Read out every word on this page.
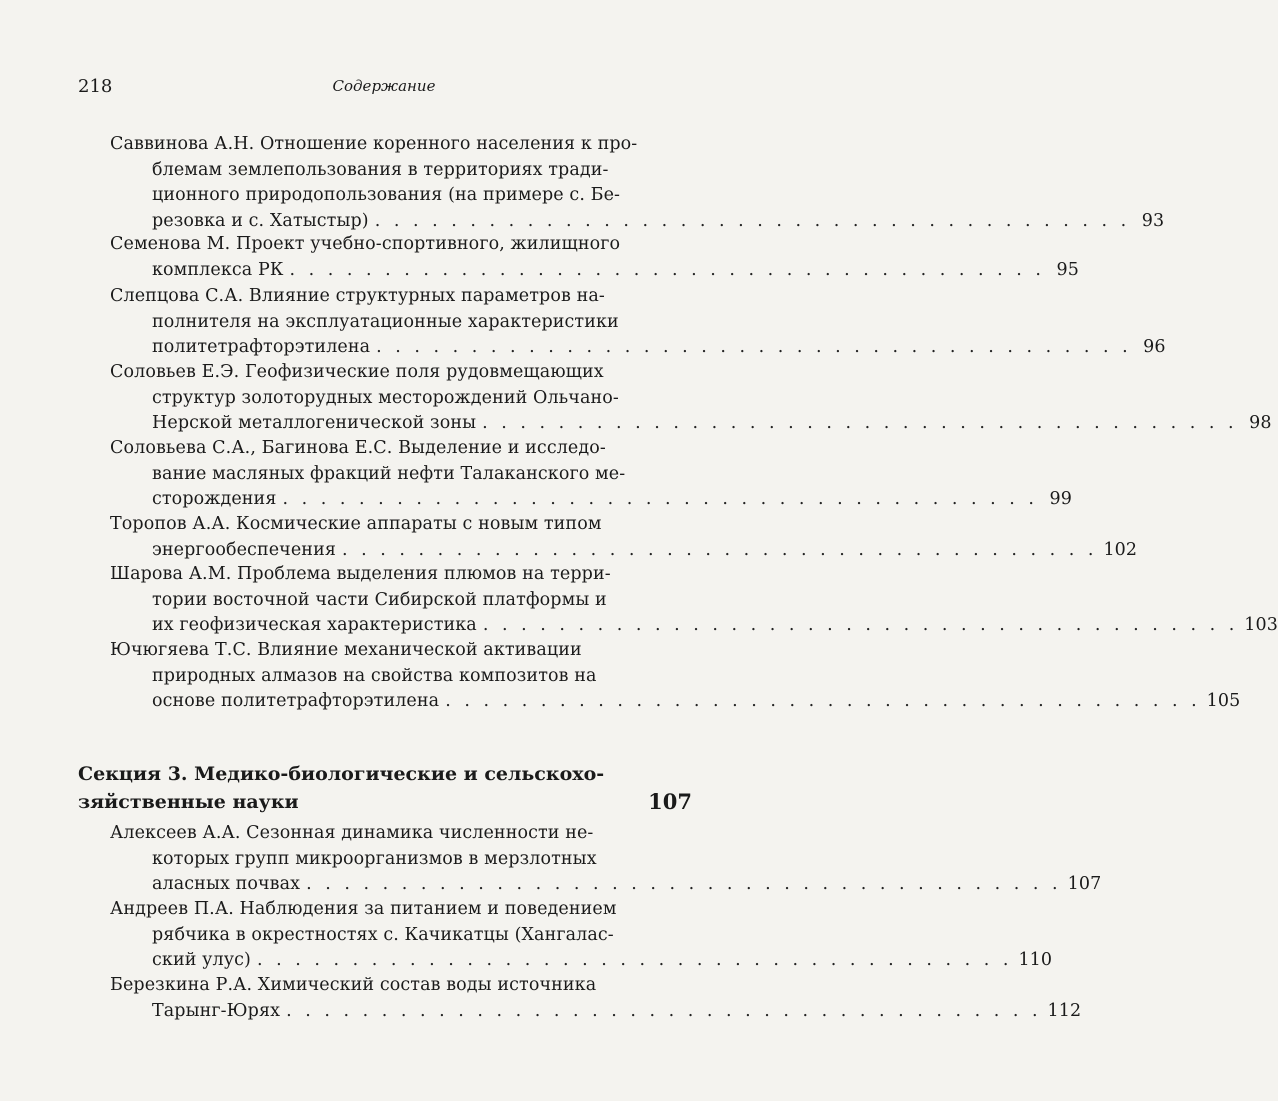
218	Содержание
Саввинова А.Н. Отношение коренного населения к про-
блемам землепользования в территориях тради-
ционного природопользования (на примере с. Бе-
резовка и с. Хатыстыр) . . . . . . . . . . . . . . . . . . . . . . . . . . . . . . . . . . . . . . . . 93
Семенова М. Проект учебно-спортивного, жилищного
комплекса РК . . . . . . . . . . . . . . . . . . . . . . . . . . . . . . . . . . . . . . . . 95
Слепцова С.А. Влияние структурных параметров на-
полнителя на эксплуатационные характеристики
политетрафторэтилена . . . . . . . . . . . . . . . . . . . . . . . . . . . . . . . . . . . . . . . . 96
Соловьев Е.Э. Геофизические поля рудовмещающих
структур золоторудных месторождений Ольчано-
Нерской металлогенической зоны . . . . . . . . . . . . . . . . . . . . . . . . . . . . . . . . . . . . . . . . 98
Соловьева С.А., Багинова Е.С. Выделение и исследо-
вание масляных фракций нефти Талаканского ме-
сторождения . . . . . . . . . . . . . . . . . . . . . . . . . . . . . . . . . . . . . . . . 99
Торопов А.А. Космические аппараты с новым типом
энергообеспечения . . . . . . . . . . . . . . . . . . . . . . . . . . . . . . . . . . . . . . . . 102
Шарова А.М. Проблема выделения плюмов на терри-
тории восточной части Сибирской платформы и
их геофизическая характеристика . . . . . . . . . . . . . . . . . . . . . . . . . . . . . . . . . . . . . . . . 103
Ючюгяева Т.С. Влияние механической активации
природных алмазов на свойства композитов на
основе политетрафторэтилена . . . . . . . . . . . . . . . . . . . . . . . . . . . . . . . . . . . . . . . . 105
Алексеев А.А. Сезонная динамика численности не-
которых групп микроорганизмов в мерзлотных
аласных почвах . . . . . . . . . . . . . . . . . . . . . . . . . . . . . . . . . . . . . . . . 107
Андреев П.А. Наблюдения за питанием и поведением
рябчика в окрестностях с. Качикатцы (Хангалас-
ский улус) . . . . . . . . . . . . . . . . . . . . . . . . . . . . . . . . . . . . . . . . 110
Березкина Р.А. Химический состав воды источника
Тарынг-Юрях . . . . . . . . . . . . . . . . . . . . . . . . . . . . . . . . . . . . . . . . 112
Секция 3. Медико-биологические и сельскохо-
зяйственные науки	107
